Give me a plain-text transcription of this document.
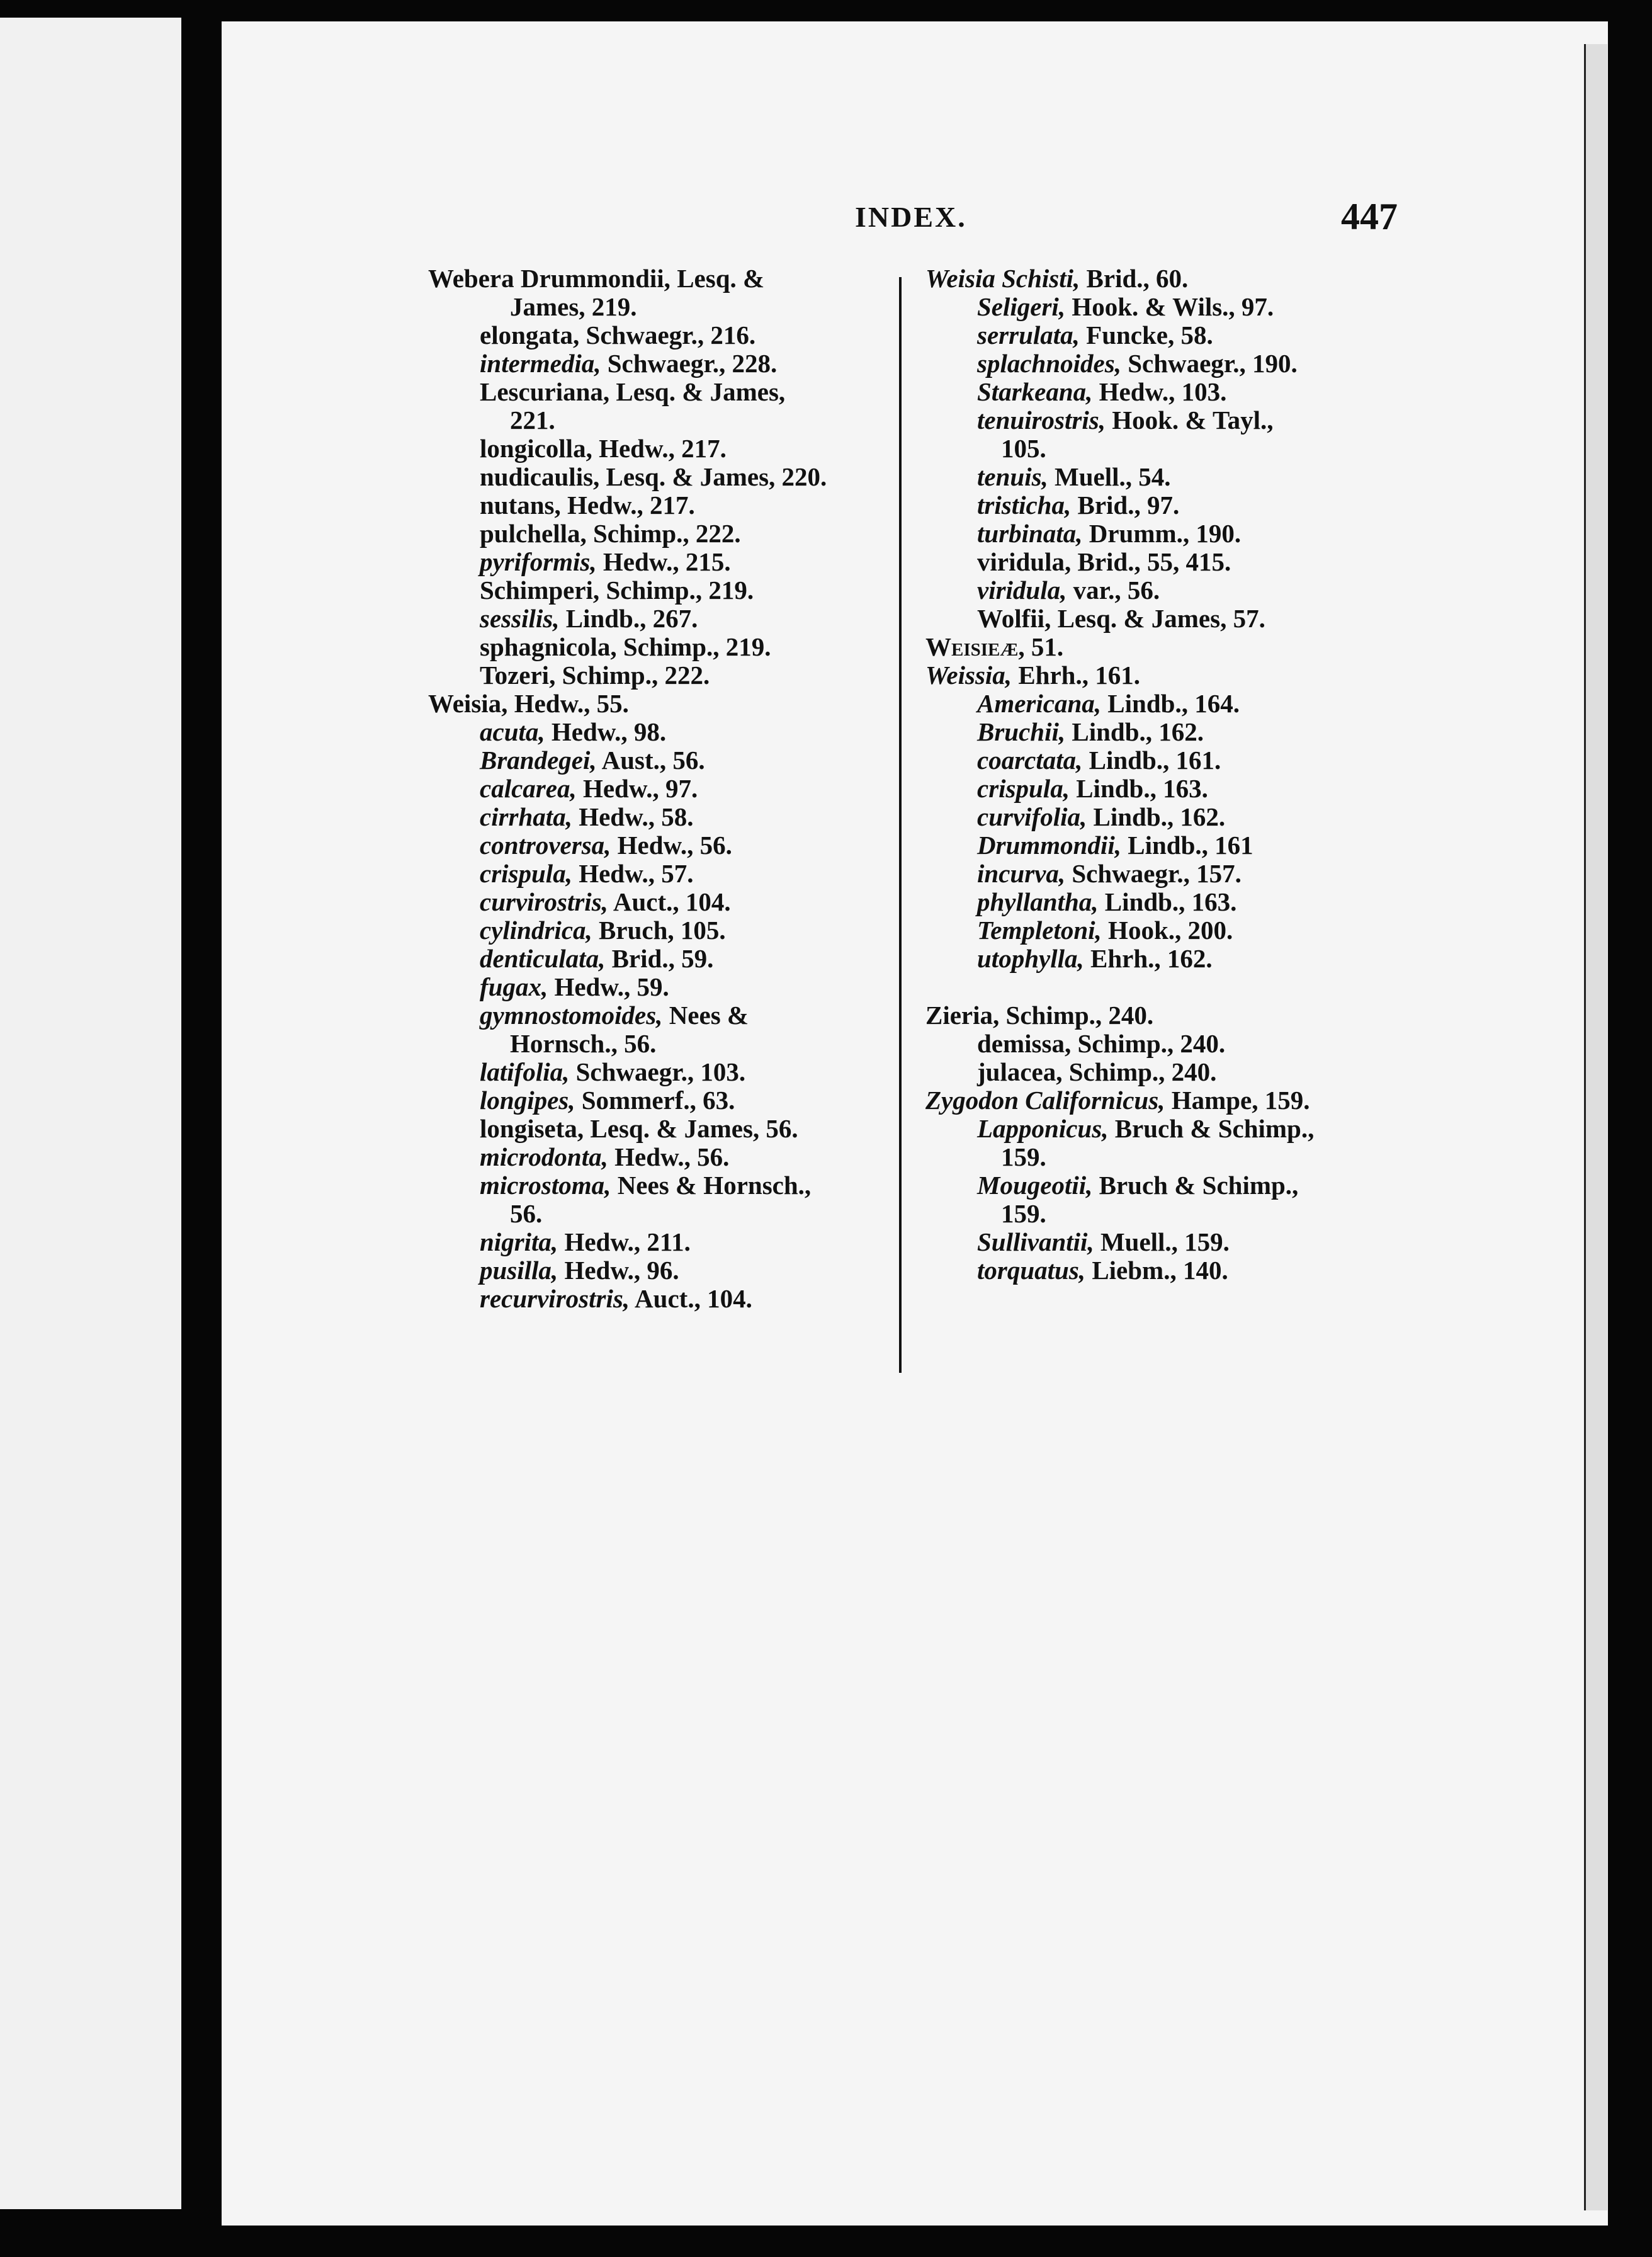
INDEX.	447
Webera Drummondii, Lesq. &
James, 219.
elongata, Schwaegr., 216.
intermedia, Schwaegr., 228.
Lescuriana, Lesq. & James,
221.
longicolla, Hedw., 217.
nudicaulis, Lesq. & James, 220.
nutans, Hedw., 217.
pulchella, Schimp., 222.
pyriformis, Hedw., 215.
Schimperi, Schimp., 219.
sessilis, Lindb., 267.
sphagnicola, Schimp., 219.
Tozeri, Schimp., 222.
Weisia, Hedw., 55.
acuta, Hedw., 98.
Brandegei, Aust., 56.
calcarea, Hedw., 97.
cirrhata, Hedw., 58.
controversa, Hedw., 56.
crispula, Hedw., 57.
curvirostris, Auct., 104.
cylindrica, Bruch, 105.
denticulata, Brid., 59.
fugax, Hedw., 59.
gymnostomoides, Nees &
Hornsch., 56.
latifolia, Schwaegr., 103.
longipes, Sommerf., 63.
longiseta, Lesq. & James, 56.
microdonta, Hedw., 56.
microstoma, Nees & Hornsch.,
56.
nigrita, Hedw., 211.
pusilla, Hedw., 96.
recurvirostris, Auct., 104.
Weisia Schisti, Brid., 60.
Seligeri, Hook. & Wils., 97.
serrulata, Funcke, 58.
splachnoides, Schwaegr., 190.
Starkeana, Hedw., 103.
tenuirostris, Hook. & Tayl.,
105.
tenuis, Muell., 54.
tristicha, Brid., 97.
turbinata, Drumm., 190.
viridula, Brid., 55, 415.
viridula, var., 56.
Wolfii, Lesq. & James, 57.
Weisieæ, 51.
Weissia, Ehrh., 161.
Americana, Lindb., 164.
Bruchii, Lindb., 162.
coarctata, Lindb., 161.
crispula, Lindb., 163.
curvifolia, Lindb., 162.
Drummondii, Lindb., 161
incurva, Schwaegr., 157.
phyllantha, Lindb., 163.
Templetoni, Hook., 200.
utophylla, Ehrh., 162.
Zieria, Schimp., 240.
demissa, Schimp., 240.
julacea, Schimp., 240.
Zygodon Californicus, Hampe, 159.
Lapponicus, Bruch & Schimp.,
159.
Mougeotii, Bruch & Schimp.,
159.
Sullivantii, Muell., 159.
torquatus, Liebm., 140.
